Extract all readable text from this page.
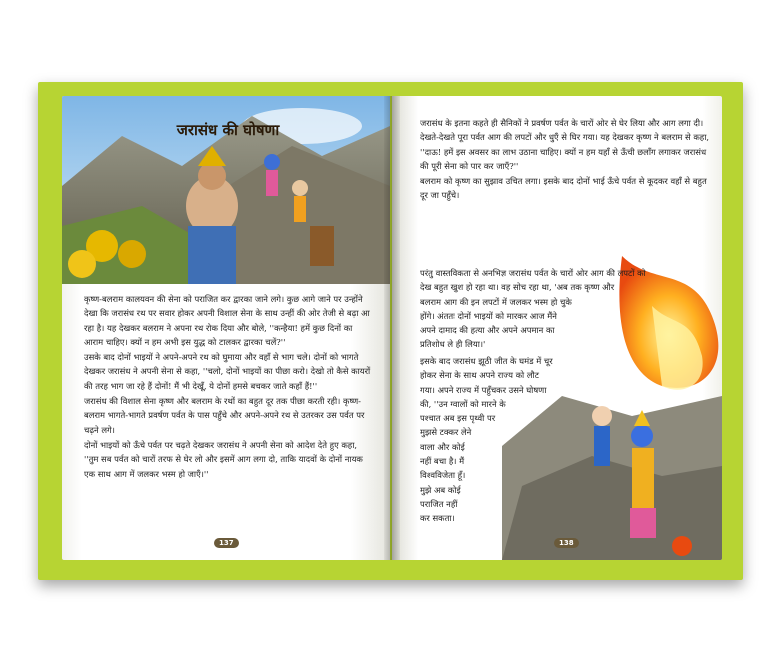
जरासंध की घोषणा

कृष्ण-बलराम कालयवन की सेना को पराजित कर द्वारका जाने लगे। कुछ आगे जाने पर उन्होंने देखा कि जरासंध रथ पर सवार होकर अपनी विशाल सेना के साथ उन्हीं की ओर तेजी से बढ़ा आ रहा है। यह देखकर बलराम ने अपना रथ रोक दिया और बोले, ''कन्हैया! हमें कुछ दिनों का आराम चाहिए। क्यों न हम अभी इस युद्ध को टालकर द्वारका चलें?''

उसके बाद दोनों भाइयों ने अपने-अपने रथ को घुमाया और वहाँ से भाग चले। दोनों को भागते देखकर जरासंध ने अपनी सेना से कहा, ''चलो, दोनों भाइयों का पीछा करो। देखो तो कैसे कायरों की तरह भाग जा रहे हैं दोनों! मैं भी देखूँ, ये दोनों हमसे बचकर जाते कहाँ हैं!''

जरासंध की विशाल सेना कृष्ण और बलराम के रथों का बहुत दूर तक पीछा करती रही। कृष्ण-बलराम भागते-भागते प्रवर्षण पर्वत के पास पहुँचे और अपने-अपने रथ से उतरकर उस पर्वत पर चढ़ने लगे।

दोनों भाइयों को ऊँचे पर्वत पर चढ़ते देखकर जरासंध ने अपनी सेना को आदेश देते हुए कहा, ''तुम सब पर्वत को चारों तरफ से घेर लो और इसमें आग लगा दो, ताकि यादवों के दोनों नायक एक साथ आग में जलकर भस्म हो जाएँ।''

137

जरासंध के इतना कहते ही सैनिकों ने प्रवर्षण पर्वत के चारों ओर से घेर लिया और आग लगा दी। देखते-देखते पूरा पर्वत आग की लपटों और धुएँ से घिर गया। यह देखकर कृष्ण ने बलराम से कहा, ''दाऊ! हमें इस अवसर का लाभ उठाना चाहिए। क्यों न हम यहाँ से ऊँची छलाँग लगाकर जरासंध की पूरी सेना को पार कर जाएँ?''

बलराम को कृष्ण का सुझाव उचित लगा। इसके बाद दोनों भाई ऊँचे पर्वत से कूदकर वहाँ से बहुत दूर जा पहुँचे।

परंतु वास्तविकता से अनभिज्ञ जरासंध पर्वत के चारों ओर आग की लपटों को
देख बहुत खुश हो रहा था। वह सोच रहा था, 'अब तक कृष्ण और
बलराम आग की इन लपटों में जलकर भस्म हो चुके
होंगे। अंततः दोनों भाइयों को मारकर आज मैंने
अपने दामाद की हत्या और अपने अपमान का
प्रतिशोध ले ही लिया।'
इसके बाद जरासंध झूठी जीत के घमंड में चूर
होकर सेना के साथ अपने राज्य को लौट
गया। अपने राज्य में पहुँचकर उसने घोषणा
की, ''उन ग्वालों को मारने के
पश्चात अब इस पृथ्वी पर
मुझसे टक्कर लेने
वाला और कोई
नहीं बचा है। मैं
विश्वविजेता हूँ।
मुझे अब कोई
पराजित नहीं
कर सकता।
138
